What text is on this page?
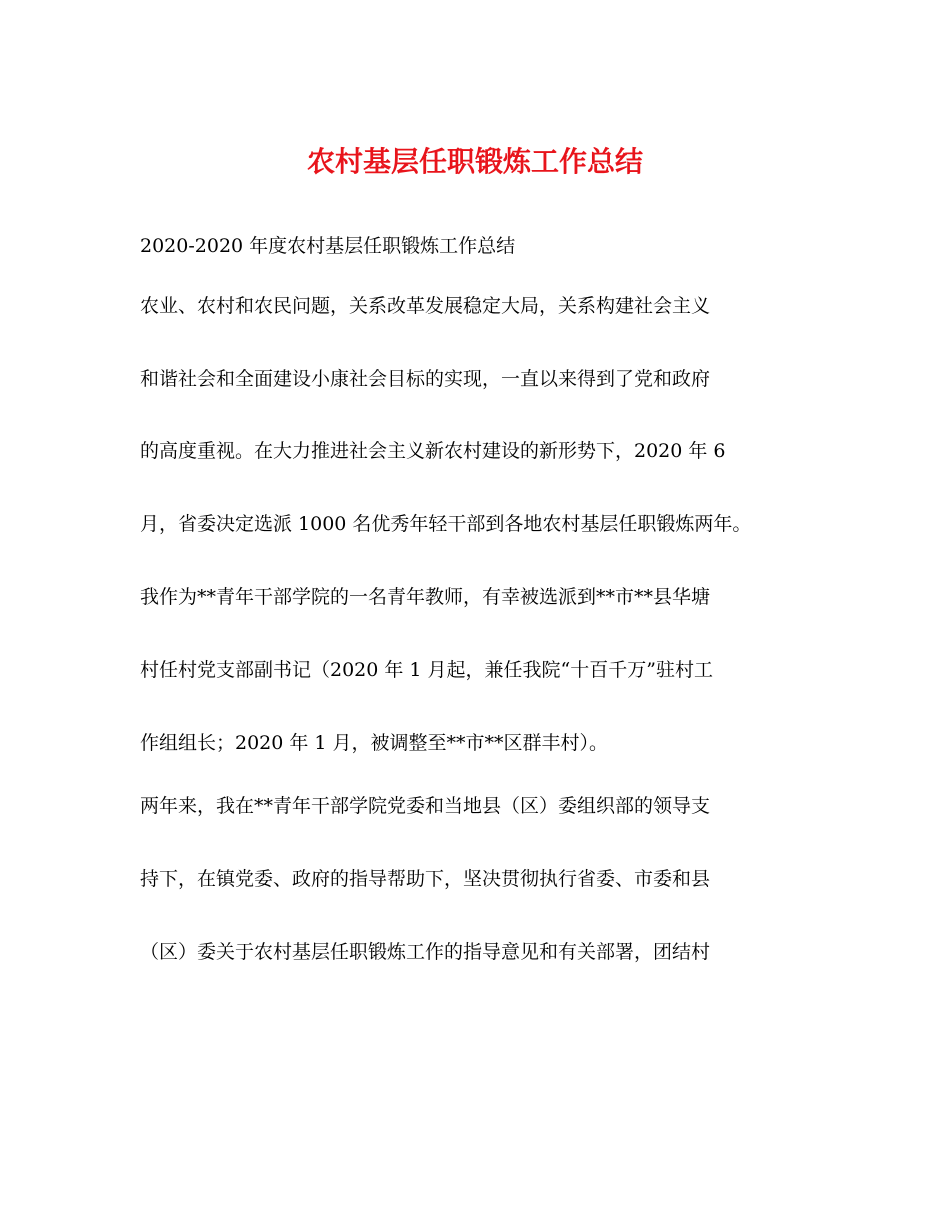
农村基层任职锻炼工作总结
2020-2020 年度农村基层任职锻炼工作总结
农业、农村和农民问题，关系改革发展稳定大局，关系构建社会主义
和谐社会和全面建设小康社会目标的实现，一直以来得到了党和政府
的高度重视。在大力推进社会主义新农村建设的新形势下，2020 年 6
月，省委决定选派 1000 名优秀年轻干部到各地农村基层任职锻炼两年。
我作为**青年干部学院的一名青年教师，有幸被选派到**市**县华塘
村任村党支部副书记（2020 年 1 月起，兼任我院“十百千万”驻村工
作组组长；2020 年 1 月，被调整至**市**区群丰村）。
两年来，我在**青年干部学院党委和当地县（区）委组织部的领导支
持下，在镇党委、政府的指导帮助下，坚决贯彻执行省委、市委和县
（区）委关于农村基层任职锻炼工作的指导意见和有关部署，团结村
